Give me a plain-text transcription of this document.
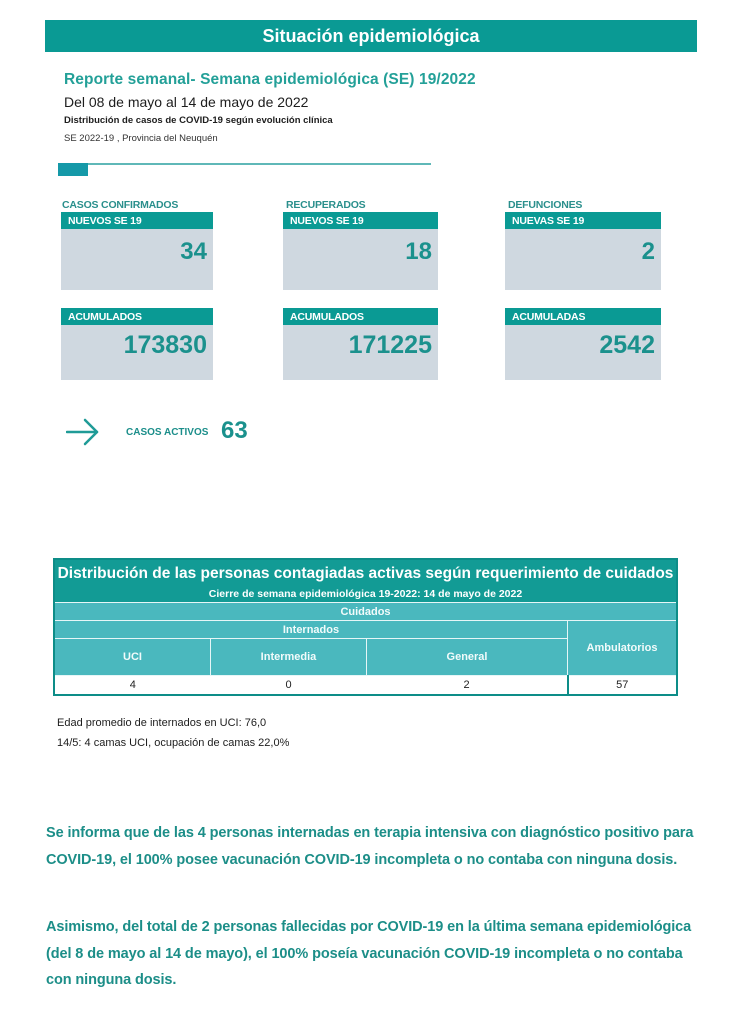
Situación epidemiológica
Reporte semanal- Semana epidemiológica (SE) 19/2022
Del 08 de mayo al 14 de mayo de 2022
Distribución de casos de COVID-19 según evolución clínica
SE 2022-19 , Provincia del Neuquén
CASOS CONFIRMADOS
NUEVOS SE 19
34
ACUMULADOS
173830
RECUPERADOS
NUEVOS SE 19
18
ACUMULADOS
171225
DEFUNCIONES
NUEVAS SE 19
2
ACUMULADAS
2542
CASOS ACTIVOS 63
Distribución de las personas contagiadas activas según requerimiento de cuidados			
Cierre de semana epidemiológica 19-2022: 14 de mayo de 2022			
Cuidados			
Internados			Ambulatorios
UCI	Intermedia	General	
4	0	2	57
Edad promedio de internados en UCI: 76,0
14/5: 4 camas UCI, ocupación de camas 22,0%
Se informa que de las 4 personas internadas en terapia intensiva con diagnóstico positivo para COVID-19, el 100% posee vacunación COVID-19 incompleta o no contaba con ninguna dosis.
Asimismo, del total de 2 personas fallecidas por COVID-19 en la última semana epidemiológica (del 8 de mayo al 14 de mayo), el 100% poseía vacunación COVID-19 incompleta o no contaba con ninguna dosis.
